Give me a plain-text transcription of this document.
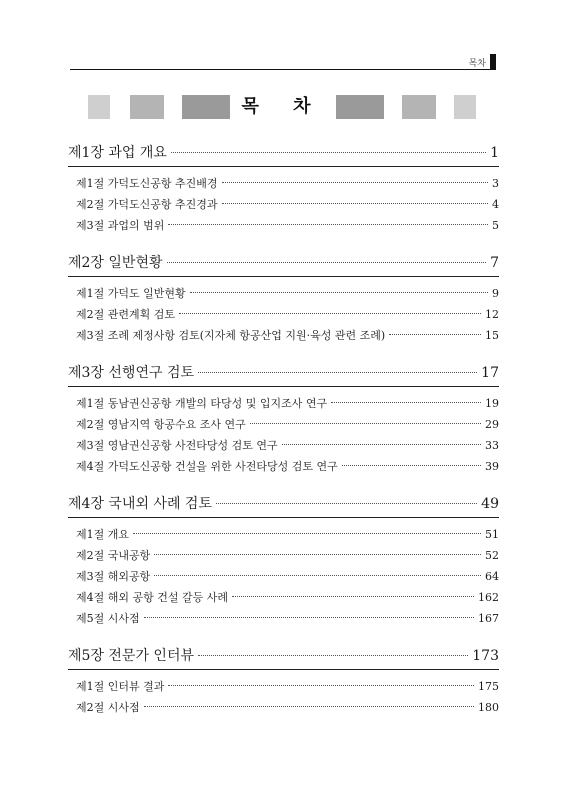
목차
목 차
제1장 과업 개요	1
제1절 가덕도신공항 추진배경	3
제2절 가덕도신공항 추진경과	4
제3절 과업의 범위	5
제2장 일반현황	7
제1절 가덕도 일반현황	9
제2절 관련계획 검토	12
제3절 조례 제정사항 검토(지자체 항공산업 지원·육성 관련 조례)	15
제3장 선행연구 검토	17
제1절 동남권신공항 개발의 타당성 및 입지조사 연구	19
제2절 영남지역 항공수요 조사 연구	29
제3절 영남권신공항 사전타당성 검토 연구	33
제4절 가덕도신공항 건설을 위한 사전타당성 검토 연구	39
제4장 국내외 사례 검토	49
제1절 개요	51
제2절 국내공항	52
제3절 해외공항	64
제4절 해외 공항 건설 갈등 사례	162
제5절 시사점	167
제5장 전문가 인터뷰	173
제1절 인터뷰 결과	175
제2절 시사점	180
